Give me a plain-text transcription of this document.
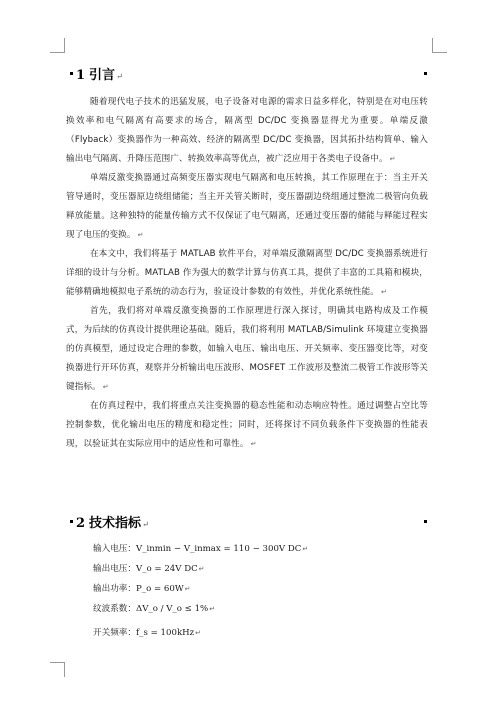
1 引言↵

随着现代电子技术的迅猛发展，电子设备对电源的需求日益多样化，特别是在对电压转换效率和电气隔离有高要求的场合，隔离型 DC/DC 变换器显得尤为重要。单端反激（Flyback）变换器作为一种高效、经济的隔离型 DC/DC 变换器，因其拓扑结构简单、输入输出电气隔离、升降压范围广、转换效率高等优点，被广泛应用于各类电子设备中。 ↵

单端反激变换器通过高频变压器实现电气隔离和电压转换，其工作原理在于：当主开关管导通时，变压器原边绕组储能；当主开关管关断时，变压器副边绕组通过整流二极管向负载释放能量。这种独特的能量传输方式不仅保证了电气隔离，还通过变压器的储能与释能过程实现了电压的变换。 ↵

在本文中，我们将基于 MATLAB 软件平台，对单端反激隔离型 DC/DC 变换器系统进行详细的设计与分析。MATLAB 作为强大的数学计算与仿真工具，提供了丰富的工具箱和模块，能够精确地模拟电子系统的动态行为，验证设计参数的有效性，并优化系统性能。 ↵

首先，我们将对单端反激变换器的工作原理进行深入探讨，明确其电路构成及工作模式，为后续的仿真设计提供理论基础。随后，我们将利用 MATLAB/Simulink 环境建立变换器的仿真模型，通过设定合理的参数，如输入电压、输出电压、开关频率、变压器变比等，对变换器进行开环仿真，观察并分析输出电压波形、MOSFET 工作波形及整流二极管工作波形等关键指标。 ↵

在仿真过程中，我们将重点关注变换器的稳态性能和动态响应特性。通过调整占空比等控制参数，优化输出电压的精度和稳定性；同时，还将探讨不同负载条件下变换器的性能表现，以验证其在实际应用中的适应性和可靠性。 ↵

2 技术指标↵
输入电压：V_inmin − V_inmax = 110 − 300V DC↵
输出电压：V_o = 24V DC↵
输出功率：P_o = 60W↵
纹波系数：ΔV_o / V_o ≤ 1%↵
开关频率：f_s = 100kHz↵
